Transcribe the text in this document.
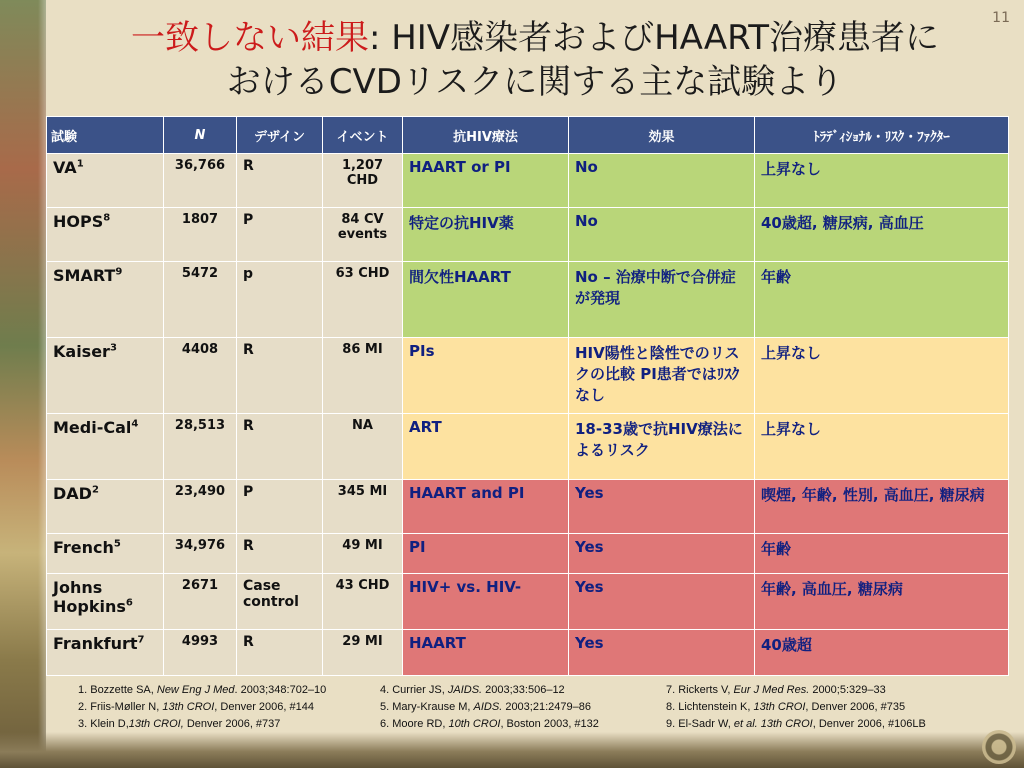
11
一致しない結果: HIV感染者およびHAART治療患者に
おけるCVDリスクに関する主な試験より
試験	N	デザイン	イベント	抗HIV療法	効果	ﾄﾗﾃﾞｨｼｮﾅﾙ・ﾘｽｸ・ﾌｧｸﾀｰ
$VA^1$	36,766	R	1,207 CHD	HAART or PI	No	上昇なし
HOPS$^8$	1807	P	84 CV events	特定の抗HIV薬	No	40歳超, 糖尿病, 高血圧
SMART$^9$	5472	p	63 CHD	間欠性HAART	No – 治療中断で合併症が発現	年齢
Kaiser$^3$	4408	R	86 MI	PIs	HIV陽性と陰性でのリスクの比較 PI患者ではﾘｽｸなし	上昇なし
Medi-Cal$^4$	28,513	R	NA	ART	18-33歳で抗HIV療法によるリスク	上昇なし
DAD$^2$	23,490	P	345 MI	HAART and PI	Yes	喫煙, 年齢, 性別, 高血圧, 糖尿病
French$^5$	34,976	R	49 MI	PI	Yes	年齢
Johns Hopkins$^6$	2671	Case control	43 CHD	HIV+ vs. HIV-	Yes	年齢, 高血圧, 糖尿病
Frankfurt$^7$	4993	R	29 MI	HAART	Yes	40歳超
1. Bozzette SA, New Eng J Med. 2003;348:702–10
2. Friis-Møller N, 13th CROI, Denver 2006, #144
3. Klein D,13th CROI, Denver 2006, #737
4. Currier JS, JAIDS. 2003;33:506–12
5. Mary-Krause M, AIDS. 2003;21:2479–86
6. Moore RD, 10th CROI, Boston 2003, #132
7. Rickerts V, Eur J Med Res. 2000;5:329–33
8. Lichtenstein K, 13th CROI, Denver 2006, #735
9. El-Sadr W, et al. 13th CROI, Denver 2006, #106LB
